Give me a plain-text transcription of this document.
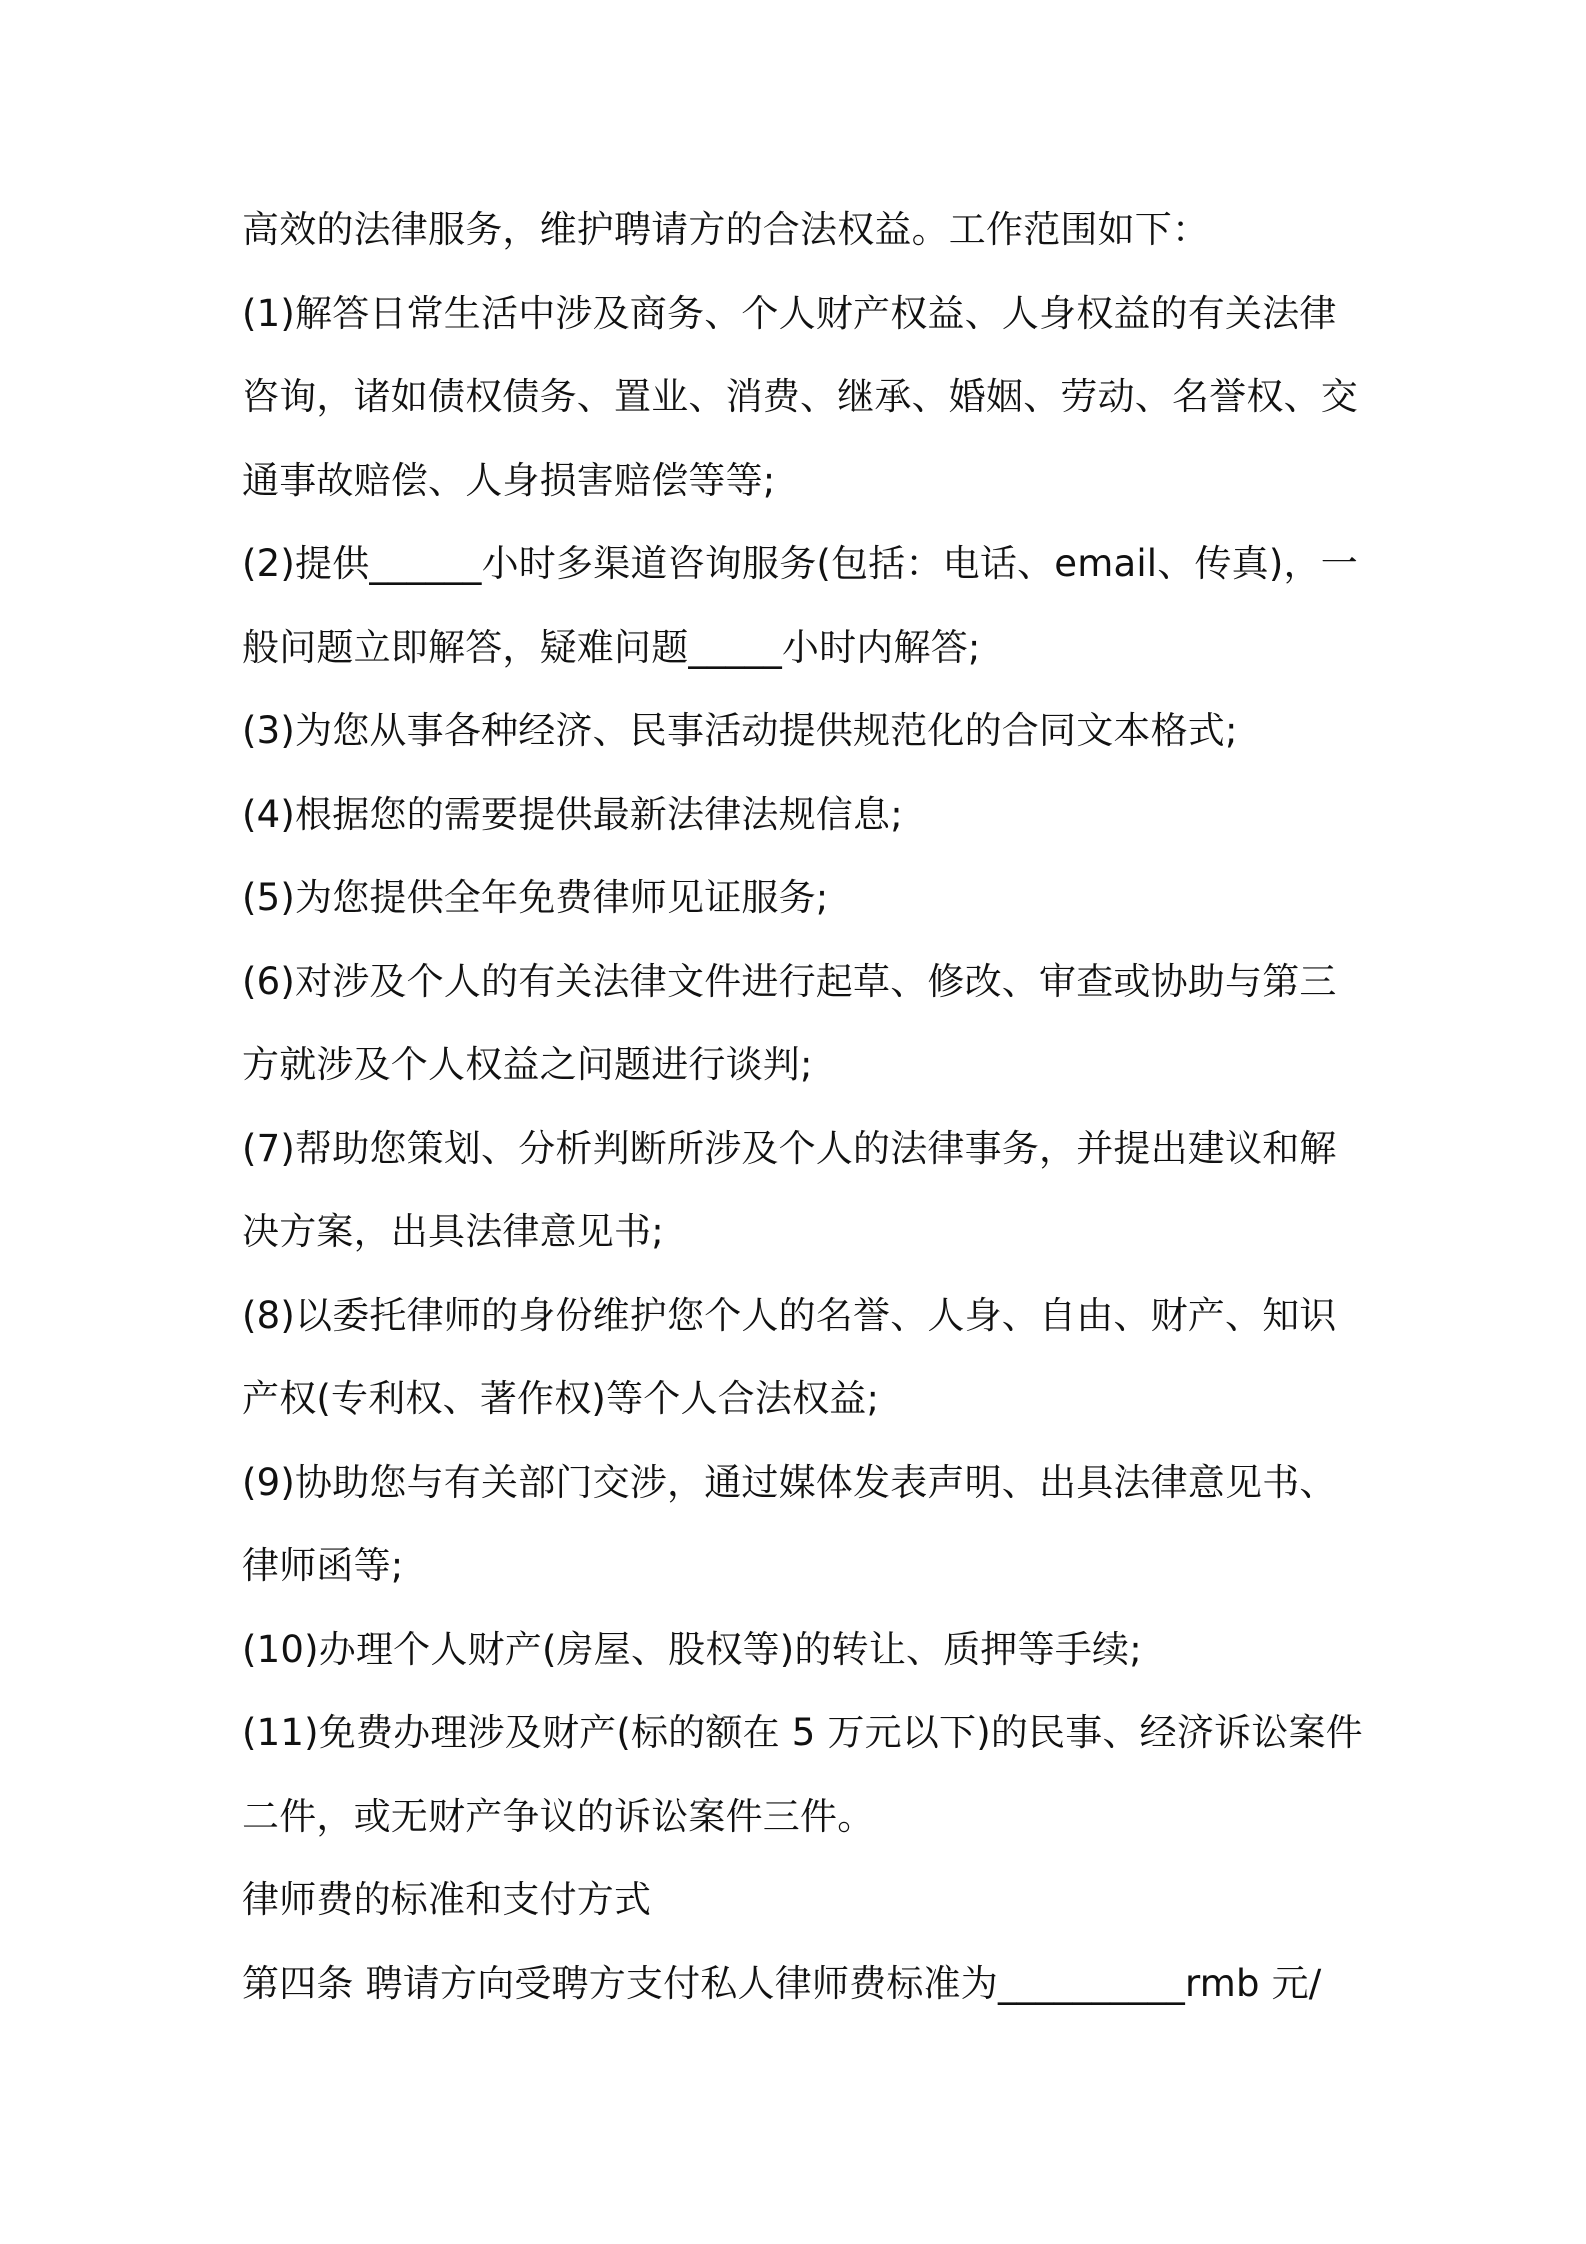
高效的法律服务，维护聘请方的合法权益。工作范围如下：
(1)解答日常生活中涉及商务、个人财产权益、人身权益的有关法律
咨询，诸如债权债务、置业、消费、继承、婚姻、劳动、名誉权、交
通事故赔偿、人身损害赔偿等等;
(2)提供______小时多渠道咨询服务(包括：电话、email、传真)，一
般问题立即解答，疑难问题_____小时内解答;
(3)为您从事各种经济、民事活动提供规范化的合同文本格式;
(4)根据您的需要提供最新法律法规信息;
(5)为您提供全年免费律师见证服务;
(6)对涉及个人的有关法律文件进行起草、修改、审查或协助与第三
方就涉及个人权益之问题进行谈判;
(7)帮助您策划、分析判断所涉及个人的法律事务，并提出建议和解
决方案，出具法律意见书;
(8)以委托律师的身份维护您个人的名誉、人身、自由、财产、知识
产权(专利权、著作权)等个人合法权益;
(9)协助您与有关部门交涉，通过媒体发表声明、出具法律意见书、
律师函等;
(10)办理个人财产(房屋、股权等)的转让、质押等手续;
(11)免费办理涉及财产(标的额在 5 万元以下)的民事、经济诉讼案件
二件，或无财产争议的诉讼案件三件。
律师费的标准和支付方式
第四条 聘请方向受聘方支付私人律师费标准为__________rmb 元/
